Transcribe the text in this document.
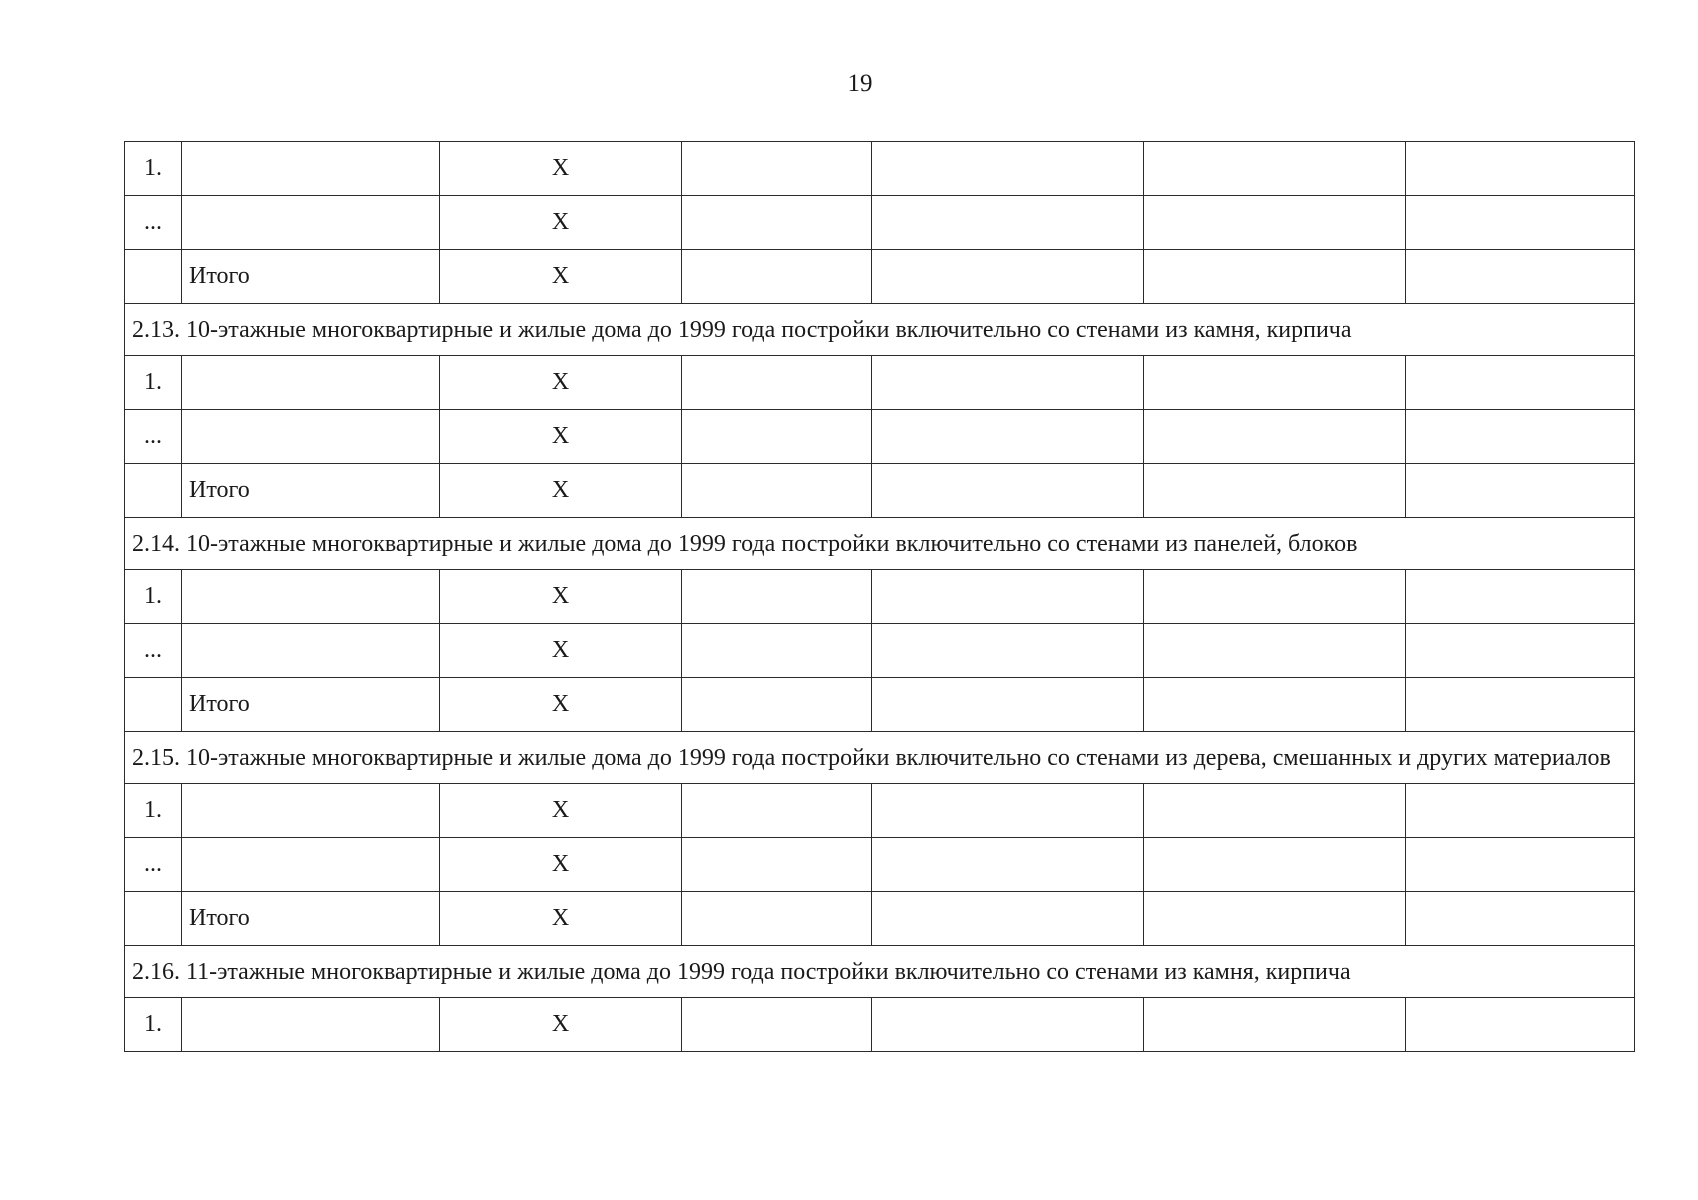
19
1.		X				
...		X				
	Итого	X				
2.13. 10-этажные многоквартирные и жилые дома до 1999 года постройки включительно со стенами из камня, кирпича						
1.		X				
...		X				
	Итого	X				
2.14. 10-этажные многоквартирные и жилые дома до 1999 года постройки включительно со стенами из панелей, блоков						
1.		X				
...		X				
	Итого	X				
2.15. 10-этажные многоквартирные и жилые дома до 1999 года постройки включительно со стенами из дерева, смешанных и других материалов						
1.		X				
...		X				
	Итого	X				
2.16. 11-этажные многоквартирные и жилые дома до 1999 года постройки включительно со стенами из камня, кирпича						
1.		X				
